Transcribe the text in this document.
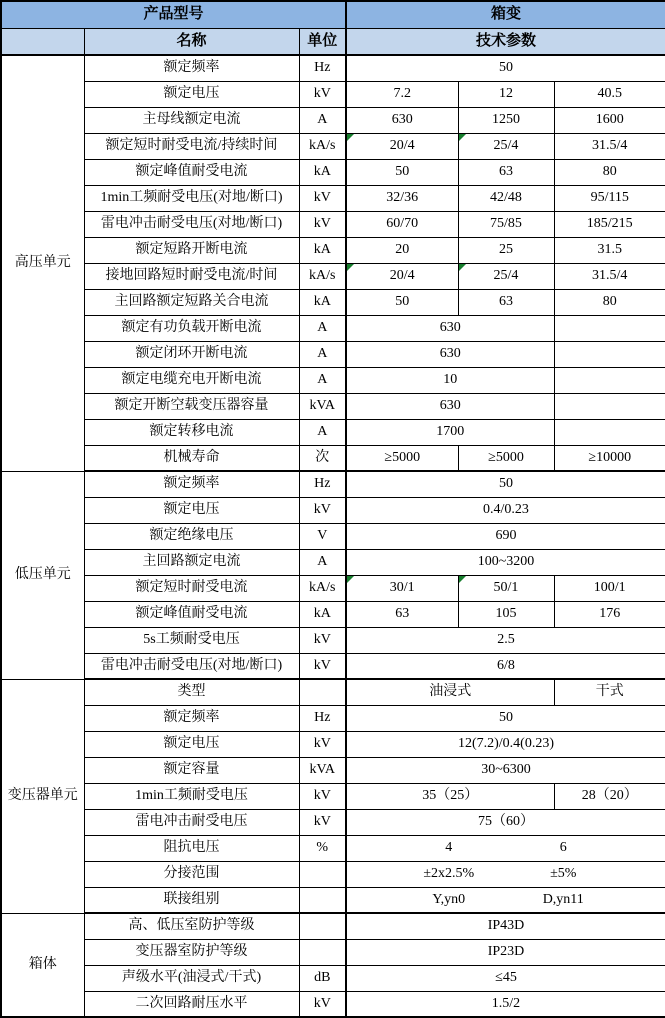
产品型号			箱变		
	名称	单位	技术参数		
高压单元	额定频率	Hz	50		
	额定电压	kV	7.2	12	40.5
	主母线额定电流	A	630	1250	1600
	额定短时耐受电流/持续时间	kA/s	20/4	25/4	31.5/4
	额定峰值耐受电流	kA	50	63	80
	1min工频耐受电压(对地/断口)	kV	32/36	42/48	95/115
	雷电冲击耐受电压(对地/断口)	kV	60/70	75/85	185/215
	额定短路开断电流	kA	20	25	31.5
	接地回路短时耐受电流/时间	kA/s	20/4	25/4	31.5/4
	主回路额定短路关合电流	kA	50	63	80
	额定有功负载开断电流	A	630		
	额定闭环开断电流	A	630		
	额定电缆充电开断电流	A	10		
	额定开断空载变压器容量	kVA	630		
	额定转移电流	A	1700		
	机械寿命	次	≥5000	≥5000	≥10000
低压单元	额定频率	Hz	50		
	额定电压	kV	0.4/0.23		
	额定绝缘电压	V	690		
	主回路额定电流	A	100~3200		
	额定短时耐受电流	kA/s	30/1	50/1	100/1
	额定峰值耐受电流	kA	63	105	176
	5s工频耐受电压	kV	2.5		
	雷电冲击耐受电压(对地/断口)	kV	6/8		
变压器单元	类型		油浸式		干式
	额定频率	Hz	50		
	额定电压	kV	12(7.2)/0.4(0.23)		
	额定容量	kVA	30~6300		
	1min工频耐受电压	kV	35（25）		28（20）
	雷电冲击耐受电压	kV	75（60）		
	阻抗电压	%	4 6		

	分接范围		±2x2.5% ±5%		

	联接组别		Y,yn0 D,yn11		

箱体	高、低压室防护等级		IP43D		
	变压器室防护等级		IP23D		
	声级水平(油浸式/干式)	dB	≤45		
	二次回路耐压水平	kV	1.5/2		
